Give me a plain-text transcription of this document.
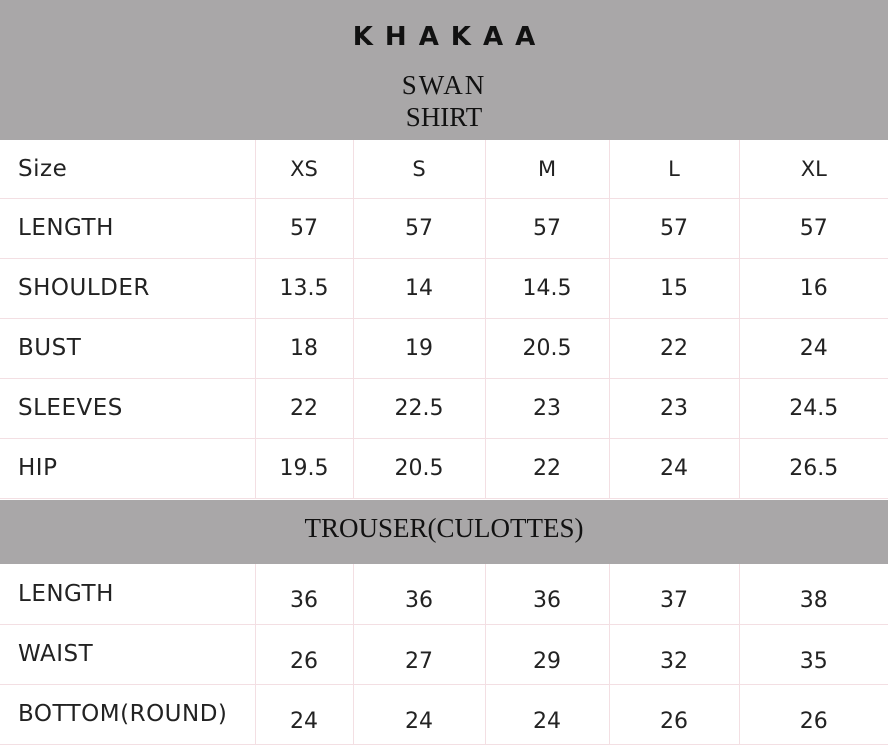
KHAKAA
SWAN
SHIRT
Size	XS	S	M	L	XL
LENGTH	57	57	57	57	57
SHOULDER	13.5	14	14.5	15	16
BUST	18	19	20.5	22	24
SLEEVES	22	22.5	23	23	24.5
HIP	19.5	20.5	22	24	26.5
TROUSER(CULOTTES)
LENGTH	36	36	36	37	38
WAIST	26	27	29	32	35
BOTTOM(ROUND)	24	24	24	26	26
